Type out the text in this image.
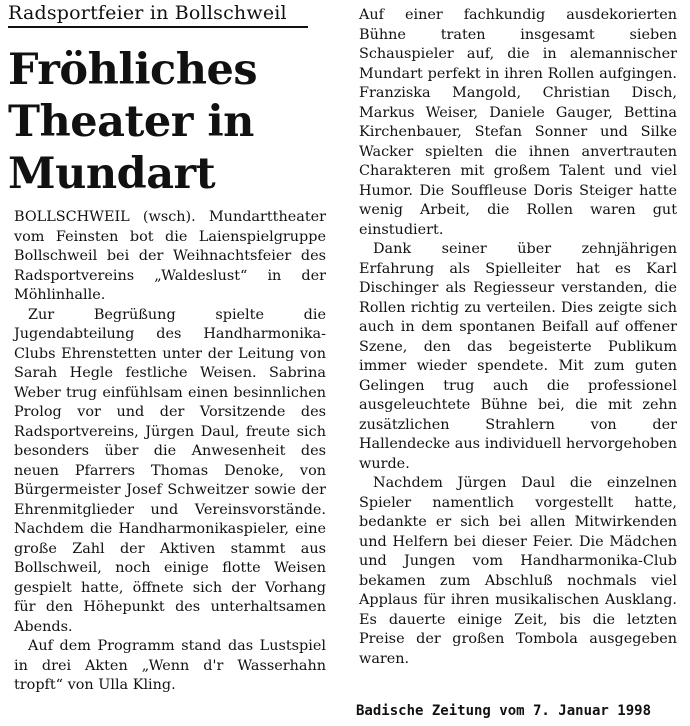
Radsportfeier in Bollschweil
Fröhliches
Theater in
Mundart

BOLLSCHWEIL (wsch). Mundarttheater vom Feinsten bot die Laienspielgruppe Bollschweil bei der Weihnachtsfeier des Radsportvereins „Waldeslust“ in der Möhlinhalle.

Zur Begrüßung spielte die Jugendabteilung des Handharmonika-Clubs Ehrenstetten unter der Leitung von Sarah Hegle festliche Weisen. Sabrina Weber trug einfühlsam einen besinnlichen Prolog vor und der Vorsitzende des Radsportvereins, Jürgen Daul, freute sich besonders über die Anwesenheit des neuen Pfarrers Thomas Denoke, von Bürgermeister Josef Schweitzer sowie der Ehrenmitglieder und Vereinsvorstände. Nachdem die Handharmonikaspieler, eine große Zahl der Aktiven stammt aus Bollschweil, noch einige flotte Weisen gespielt hatte, öffnete sich der Vorhang für den Höhepunkt des unterhaltsamen Abends.

Auf dem Programm stand das Lustspiel in drei Akten „Wenn d'r Wasserhahn tropft“ von Ulla Kling.

Auf einer fachkundig ausdekorierten Bühne traten insgesamt sieben Schauspieler auf, die in alemannischer Mundart perfekt in ihren Rollen aufgingen. Franziska Mangold, Christian Disch, Markus Weiser, Daniele Gauger, Bettina Kirchenbauer, Stefan Sonner und Silke Wacker spielten die ihnen anvertrauten Charakteren mit großem Talent und viel Humor. Die Souffleuse Doris Steiger hatte wenig Arbeit, die Rollen waren gut einstudiert.

Dank seiner über zehnjährigen Erfahrung als Spielleiter hat es Karl Dischinger als Regiesseur verstanden, die Rollen richtig zu verteilen. Dies zeigte sich auch in dem spontanen Beifall auf offener Szene, den das begeisterte Publikum immer wieder spendete. Mit zum guten Gelingen trug auch die professionel ausgeleuchtete Bühne bei, die mit zehn zusätzlichen Strahlern von der Hallendecke aus individuell hervorgehoben wurde.

Nachdem Jürgen Daul die einzelnen Spieler namentlich vorgestellt hatte, bedankte er sich bei allen Mitwirkenden und Helfern bei dieser Feier. Die Mädchen und Jungen vom Handharmonika-Club bekamen zum Abschluß nochmals viel Applaus für ihren musikalischen Ausklang. Es dauerte einige Zeit, bis die letzten Preise der großen Tombola ausgegeben waren.

Badische Zeitung vom 7. Januar 1998
